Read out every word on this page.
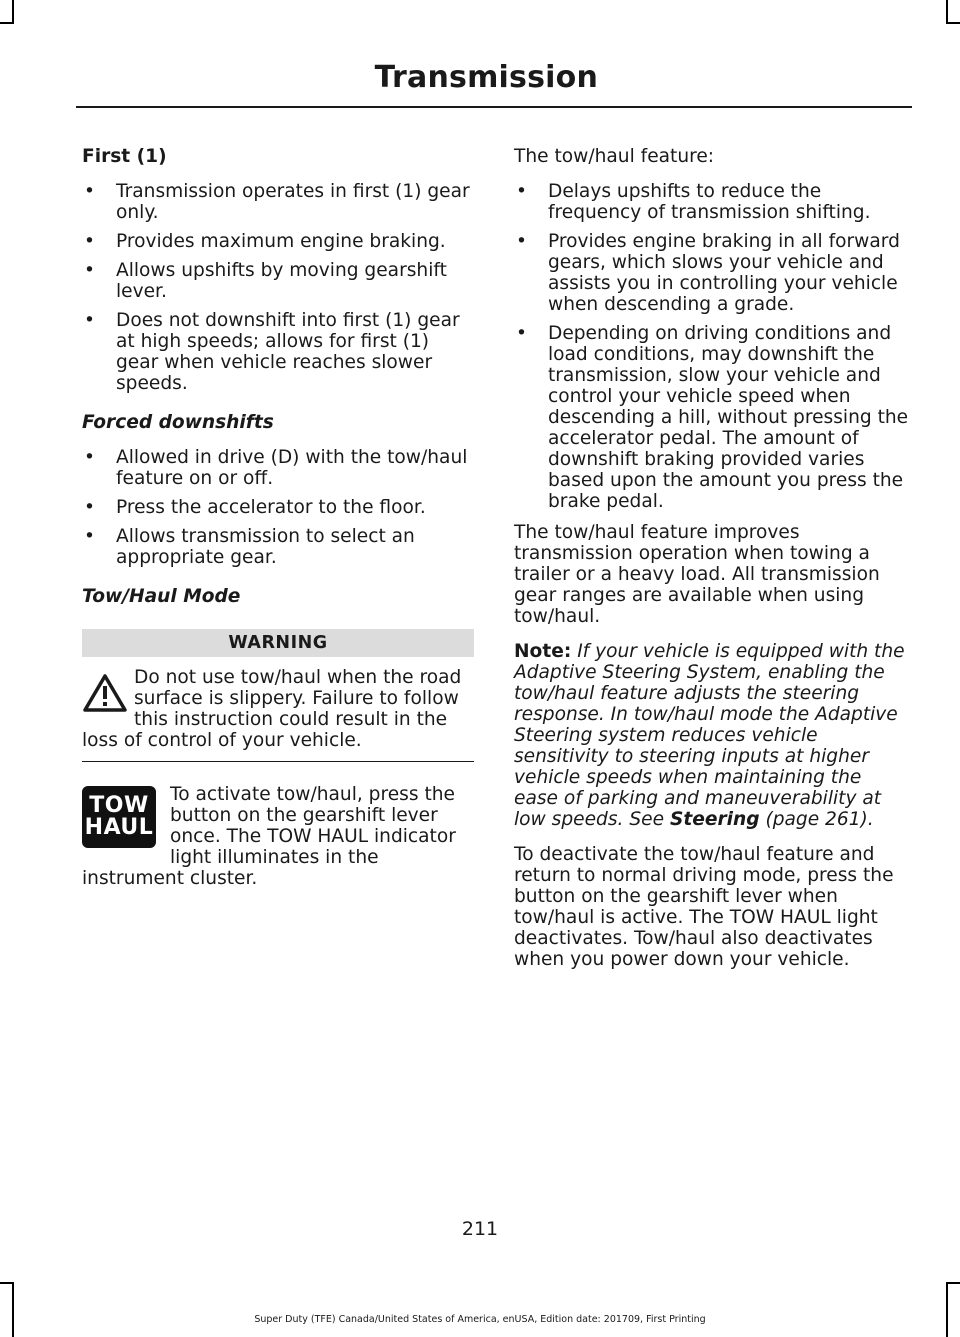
Transmission
First (1)
• Transmission operates in first (1) gear only.
• Provides maximum engine braking.
• Allows upshifts by moving gearshift lever.
• Does not downshift into first (1) gear at high speeds; allows for first (1) gear when vehicle reaches slower speeds.
Forced downshifts
• Allowed in drive (D) with the tow/haul feature on or off.
• Press the accelerator to the floor.
• Allows transmission to select an appropriate gear.
Tow/Haul Mode
WARNING
Do not use tow/haul when the road surface is slippery. Failure to follow this instruction could result in the loss of control of your vehicle.
TOW
HAUL
To activate tow/haul, press the button on the gearshift lever once. The TOW HAUL indicator light illuminates in the instrument cluster.

The tow/haul feature:

• Delays upshifts to reduce the frequency of transmission shifting.
• Provides engine braking in all forward gears, which slows your vehicle and assists you in controlling your vehicle when descending a grade.
• Depending on driving conditions and load conditions, may downshift the transmission, slow your vehicle and control your vehicle speed when descending a hill, without pressing the accelerator pedal. The amount of downshift braking provided varies based upon the amount you press the brake pedal.

The tow/haul feature improves transmission operation when towing a trailer or a heavy load. All transmission gear ranges are available when using tow/haul.

Note: If your vehicle is equipped with the Adaptive Steering System, enabling the tow/haul feature adjusts the steering response. In tow/haul mode the Adaptive Steering system reduces vehicle sensitivity to steering inputs at higher vehicle speeds when maintaining the ease of parking and maneuverability at low speeds. See Steering (page 261).

To deactivate the tow/haul feature and return to normal driving mode, press the button on the gearshift lever when tow/haul is active. The TOW HAUL light deactivates. Tow/haul also deactivates when you power down your vehicle.

211
Super Duty (TFE) Canada/United States of America, enUSA, Edition date: 201709, First Printing
